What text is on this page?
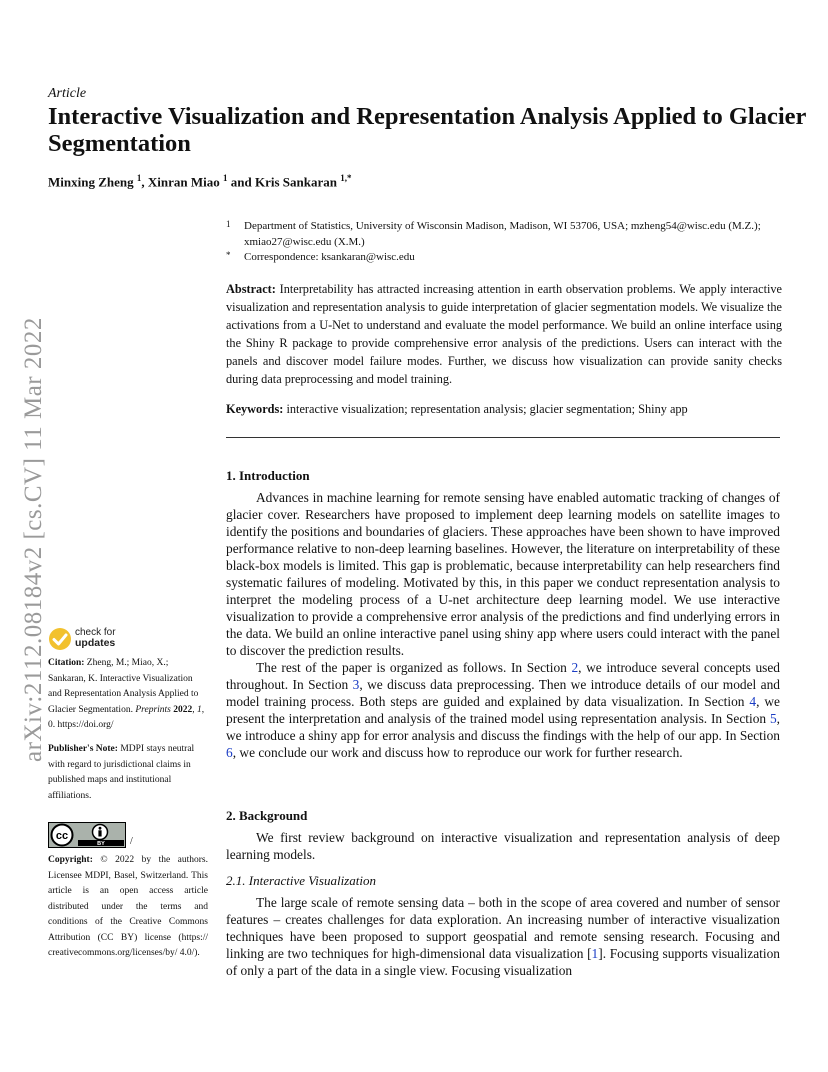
Article
Interactive Visualization and Representation Analysis Applied to Glacier Segmentation
Minxing Zheng $^1$, Xinran Miao $^1$ and Kris Sankaran $^{1,*}$
1 Department of Statistics, University of Wisconsin Madison, Madison, WI 53706, USA; mzheng54@wisc.edu (M.Z.); xmiao27@wisc.edu (X.M.)
* Correspondence: ksankaran@wisc.edu
Abstract: Interpretability has attracted increasing attention in earth observation problems. We apply interactive visualization and representation analysis to guide interpretation of glacier segmentation models. We visualize the activations from a U-Net to understand and evaluate the model performance. We build an online interface using the Shiny R package to provide comprehensive error analysis of the predictions. Users can interact with the panels and discover model failure modes. Further, we discuss how visualization can provide sanity checks during data preprocessing and model training.
Keywords: interactive visualization; representation analysis; glacier segmentation; Shiny app
1. Introduction

Advances in machine learning for remote sensing have enabled automatic tracking of changes of glacier cover. Researchers have proposed to implement deep learning models on satellite images to identify the positions and boundaries of glaciers. These approaches have been shown to have improved performance relative to non-deep learning baselines. However, the literature on interpretability of these black-box models is limited. This gap is problematic, because interpretability can help researchers find systematic failures of modeling. Motivated by this, in this paper we conduct representation analysis to interpret the modeling process of a U-net architecture deep learning model. We use interactive visualization to provide a comprehensive error analysis of the predictions and find underlying errors in the data. We build an online interactive panel using shiny app where users could interact with the panel to discover the prediction results.

The rest of the paper is organized as follows. In Section 2, we introduce several concepts used throughout. In Section 3, we discuss data preprocessing. Then we introduce details of our model and model training process. Both steps are guided and explained by data visualization. In Section 4, we present the interpretation and analysis of the trained model using representation analysis. In Section 5, we introduce a shiny app for error analysis and discuss the findings with the help of our app. In Section 6, we conclude our work and discuss how to reproduce our work for further research.

2. Background

We first review background on interactive visualization and representation analysis of deep learning models.

2.1. Interactive Visualization

The large scale of remote sensing data – both in the scope of area covered and number of sensor features – creates challenges for data exploration. An increasing number of interactive visualization techniques have been proposed to support geospatial and remote sensing research. Focusing and linking are two techniques for high-dimensional data visualization [1]. Focusing supports visualization of only a part of the data in a single view. Focusing visualization

arXiv:2112.08184v2 [cs.CV] 11 Mar 2022	check for
updates
Citation: Zheng, M.; Miao, X.; Sankaran, K. Interactive Visualization and Representation Analysis Applied to Glacier Segmentation. Preprints 2022, 1, 0. https://doi.org/
Publisher's Note: MDPI stays neutral with regard to jurisdictional claims in published maps and institutional affiliations.
cc
BY	/
Copyright: © 2022 by the authors. Licensee MDPI, Basel, Switzerland. This article is an open access article distributed under the terms and conditions of the Creative Commons Attribution (CC BY) license (https:// creativecommons.org/licenses/by/ 4.0/).
